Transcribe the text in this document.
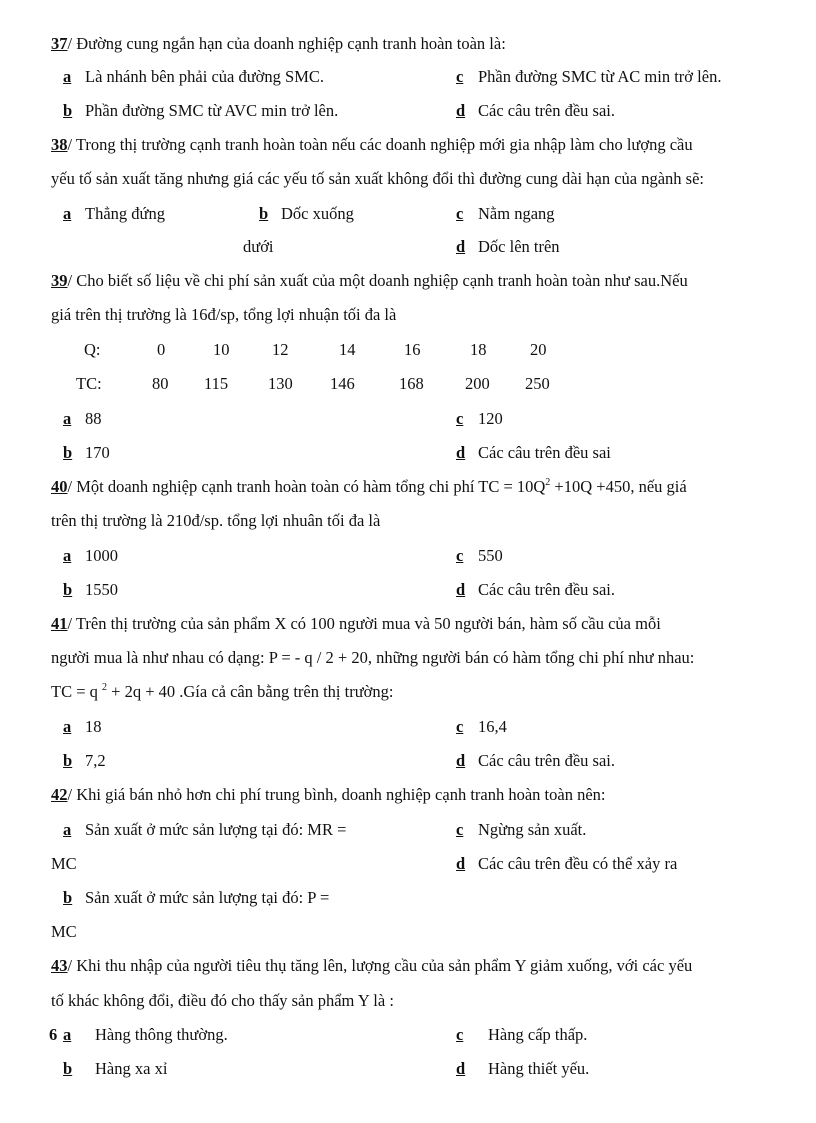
37/ Đường cung ngắn hạn của doanh nghiệp cạnh tranh hoàn toàn là:
a Là nhánh bên phải của đường SMC.	c Phần đường SMC từ AC min trở lên.
b Phần đường SMC từ AVC min trở lên.	d Các câu trên đều sai.
38/ Trong thị trường cạnh tranh hoàn toàn nếu các doanh nghiệp mới gia nhập làm cho lượng cầu
yếu tố sản xuất tăng nhưng giá các yếu tố sản xuất không đổi thì đường cung dài hạn của ngành sẽ:
a Thẳng đứng	b Dốc xuống	c Nằm ngang
dưới	d Dốc lên trên
39/ Cho biết số liệu về chi phí sản xuất của một doanh nghiệp cạnh tranh hoàn toàn như sau.Nếu
giá trên thị trường là 16đ/sp, tổng lợi nhuận tối đa là
Q:	0	10	12	14	16	18	20
TC:	80 115 130 146	168	200 250
a 88	c 120
b 170	d Các câu trên đều sai
40/ Một doanh nghiệp cạnh tranh hoàn toàn có hàm tổng chi phí TC = $10Q^2 +10Q +450$, nếu giá
trên thị trường là 210đ/sp. tổng lợi nhuân tối đa là
a 1000	c 550
b 1550	d Các câu trên đều sai.
41/ Trên thị trường của sản phẩm X có 100 người mua và 50 người bán, hàm số cầu của mỗi
người mua là như nhau có dạng: P = - q / 2 + 20, những người bán có hàm tổng chi phí như nhau:
TC = q $^2$ + 2q + 40 .Gía cả cân bằng trên thị trường:
a 18	c 16,4
b 7,2	d Các câu trên đều sai.
42/ Khi giá bán nhỏ hơn chi phí trung bình, doanh nghiệp cạnh tranh hoàn toàn nên:
a Sản xuất ở mức sản lượng tại đó: MR =	c Ngừng sản xuất.
MC	d Các câu trên đều có thể xảy ra
b Sản xuất ở mức sản lượng tại đó: P =
MC
43/ Khi thu nhập của người tiêu thụ tăng lên, lượng cầu của sản phẩm Y giảm xuống, với các yếu
tố khác không đổi, điều đó cho thấy sản phẩm Y là :
6 a Hàng thông thường.	c Hàng cấp thấp.
b Hàng xa xỉ	d Hàng thiết yếu.
